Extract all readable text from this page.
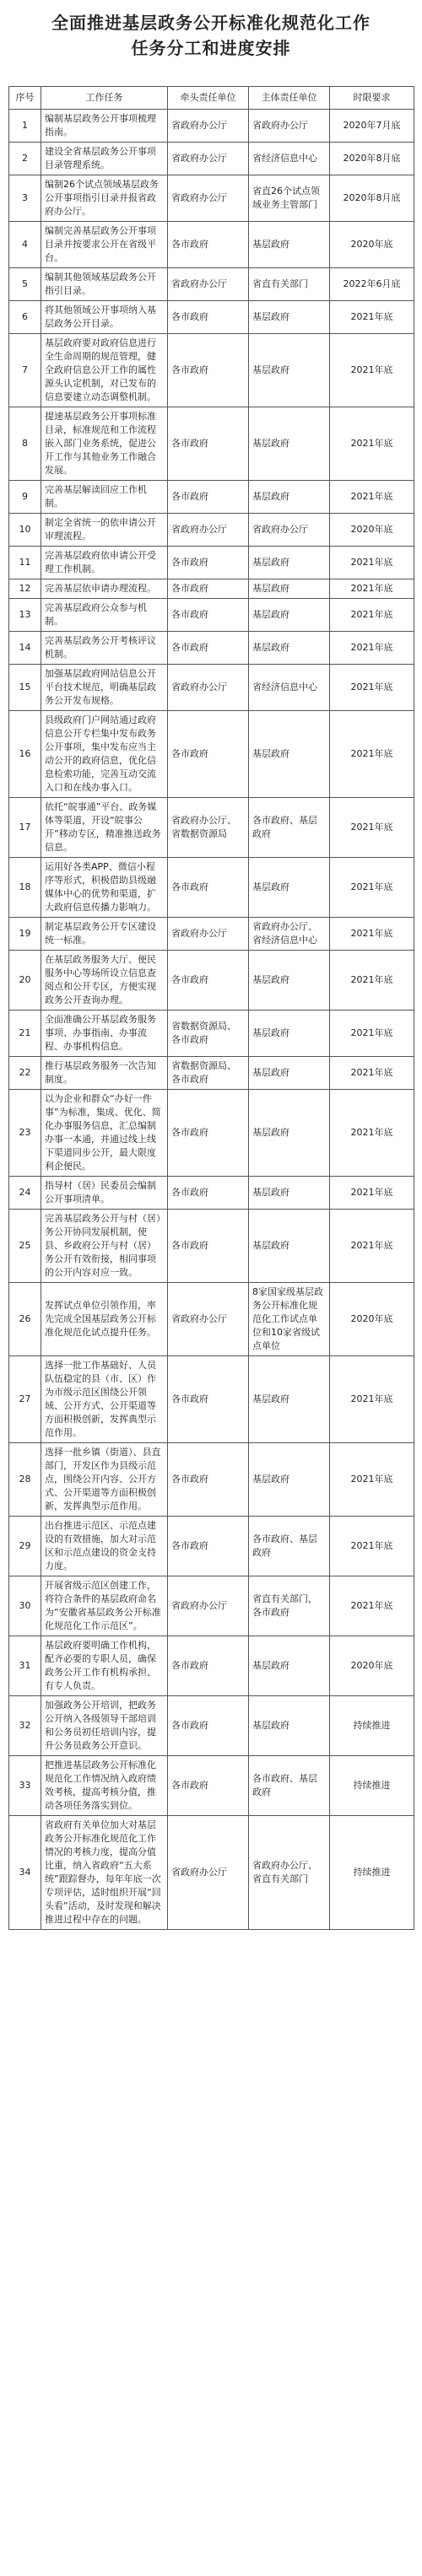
全面推进基层政务公开标准化规范化工作
任务分工和进度安排
序号	工作任务	牵头责任单位	主体责任单位	时限要求
1	编制基层政务公开事项梳理指南。	省政府办公厅	省政府办公厅	2020年7月底
2	建设全省基层政务公开事项目录管理系统。	省政府办公厅	省经济信息中心	2020年8月底
3	编制26个试点领域基层政务公开事项指引目录并报省政府办公厅。	省政府办公厅	省直26个试点领域业务主管部门	2020年8月底
4	编制完善基层政务公开事项目录并按要求公开在省级平台。	各市政府	基层政府	2020年底
5	编制其他领域基层政务公开指引目录。	省政府办公厅	省直有关部门	2022年6月底
6	将其他领域公开事项纳入基层政务公开目录。	各市政府	基层政府	2021年底
7	基层政府要对政府信息进行全生命周期的规范管理，健全政府信息公开工作的属性源头认定机制，对已发布的信息要建立动态调整机制。	各市政府	基层政府	2021年底
8	提速基层政务公开事项标准目录，标准规范和工作流程嵌入部门业务系统，促进公开工作与其他业务工作融合发展。	各市政府	基层政府	2021年底
9	完善基层解读回应工作机制。	各市政府	基层政府	2021年底
10	制定全省统一的依申请公开审理流程。	省政府办公厅	省政府办公厅	2020年底
11	完善基层政府依申请公开受理工作机制。	各市政府	基层政府	2021年底
12	完善基层依申请办理流程。	各市政府	基层政府	2021年底
13	完善基层政府公众参与机制。	各市政府	基层政府	2021年底
14	完善基层政务公开考核评议机制。	各市政府	基层政府	2021年底
15	加强基层政府网站信息公开平台技术规范，明确基层政务公开发布规格。	省政府办公厅	省经济信息中心	2021年底
16	县级政府门户网站通过政府信息公开专栏集中发布政务公开事项，集中发布应当主动公开的政府信息，优化信息检索功能，完善互动交流入口和在线办事入口。	各市政府	基层政府	2021年底
17	依托“皖事通”平台、政务媒体等渠道，开设“皖事公开”移动专区，精准推送政务信息。	省政府办公厅、省数据资源局	各市政府、基层政府	2021年底
18	运用好各类APP、微信小程序等形式，积极借助县级融媒体中心的优势和渠道，扩大政府信息传播力影响力。	各市政府	基层政府	2021年底
19	制定基层政务公开专区建设统一标准。	省政府办公厅	省政府办公厅、省经济信息中心	2021年底
20	在基层政务服务大厅、便民服务中心等场所设立信息查阅点和公开专区，方便实现政务公开查询办理。	各市政府	基层政府	2021年底
21	全面准确公开基层政务服务事项、办事指南、办事流程、办事机构信息。	省数据资源局、各市政府	基层政府	2021年底
22	推行基层政务服务一次告知制度。	省数据资源局、各市政府	基层政府	2021年底
23	以为企业和群众“办好一件事”为标准，集成、优化、简化办事服务信息，汇总编制办事一本通，并通过线上线下渠道同步公开，最大限度利企便民。	各市政府	基层政府	2021年底
24	指导村（居）民委员会编制公开事项清单。	各市政府	基层政府	2021年底
25	完善基层政务公开与村（居）务公开协同发展机制，使县、乡政府公开与村（居）务公开有效衔接，相同事项的公开内容对应一致。	各市政府	基层政府	2021年底
26	发挥试点单位引领作用，率先完成全国基层政务公开标准化规范化试点提升任务。	省政府办公厅	8家国家级基层政务公开标准化规范化工作试点单位和10家省级试点单位	2020年底
27	选择一批工作基础好、人员队伍稳定的县（市、区）作为市级示范区围绕公开领域、公开方式、公开渠道等方面积极创新，发挥典型示范作用。	各市政府	基层政府	2021年底
28	选择一批乡镇（街道）、县直部门，开发区作为县级示范点，围绕公开内容、公开方式、公开渠道等方面积极创新，发挥典型示范作用。	各市政府	基层政府	2021年底
29	出台推进示范区、示范点建设的有效措施，加大对示范区和示范点建设的资金支持力度。	各市政府	各市政府、基层政府	2021年底
30	开展省级示范区创建工作，将符合条件的基层政府命名为“安徽省基层政务公开标准化规范化工作示范区”。	省政府办公厅	省直有关部门，各市政府	2021年底
31	基层政府要明确工作机构，配齐必要的专职人员，确保政务公开工作有机构承担、有专人负责。	各市政府	基层政府	2020年底
32	加强政务公开培训，把政务公开纳入各级领导干部培训和公务员初任培训内容，提升公务员政务公开意识。	各市政府	基层政府	持续推进
33	把推进基层政务公开标准化规范化工作情况纳入政府绩效考核，提高考核分值，推动各项任务落实到位。	各市政府	各市政府、基层政府	持续推进
34	省政府有关单位加大对基层政务公开标准化规范化工作情况的考核力度，提高分值比重，纳入省政府“五大系统”跟踪督办，每年年底一次专项评估，适时组织开展“回头看”活动，及时发现和解决推进过程中存在的问题。	省政府办公厅	省政府办公厅、省直有关部门	持续推进
